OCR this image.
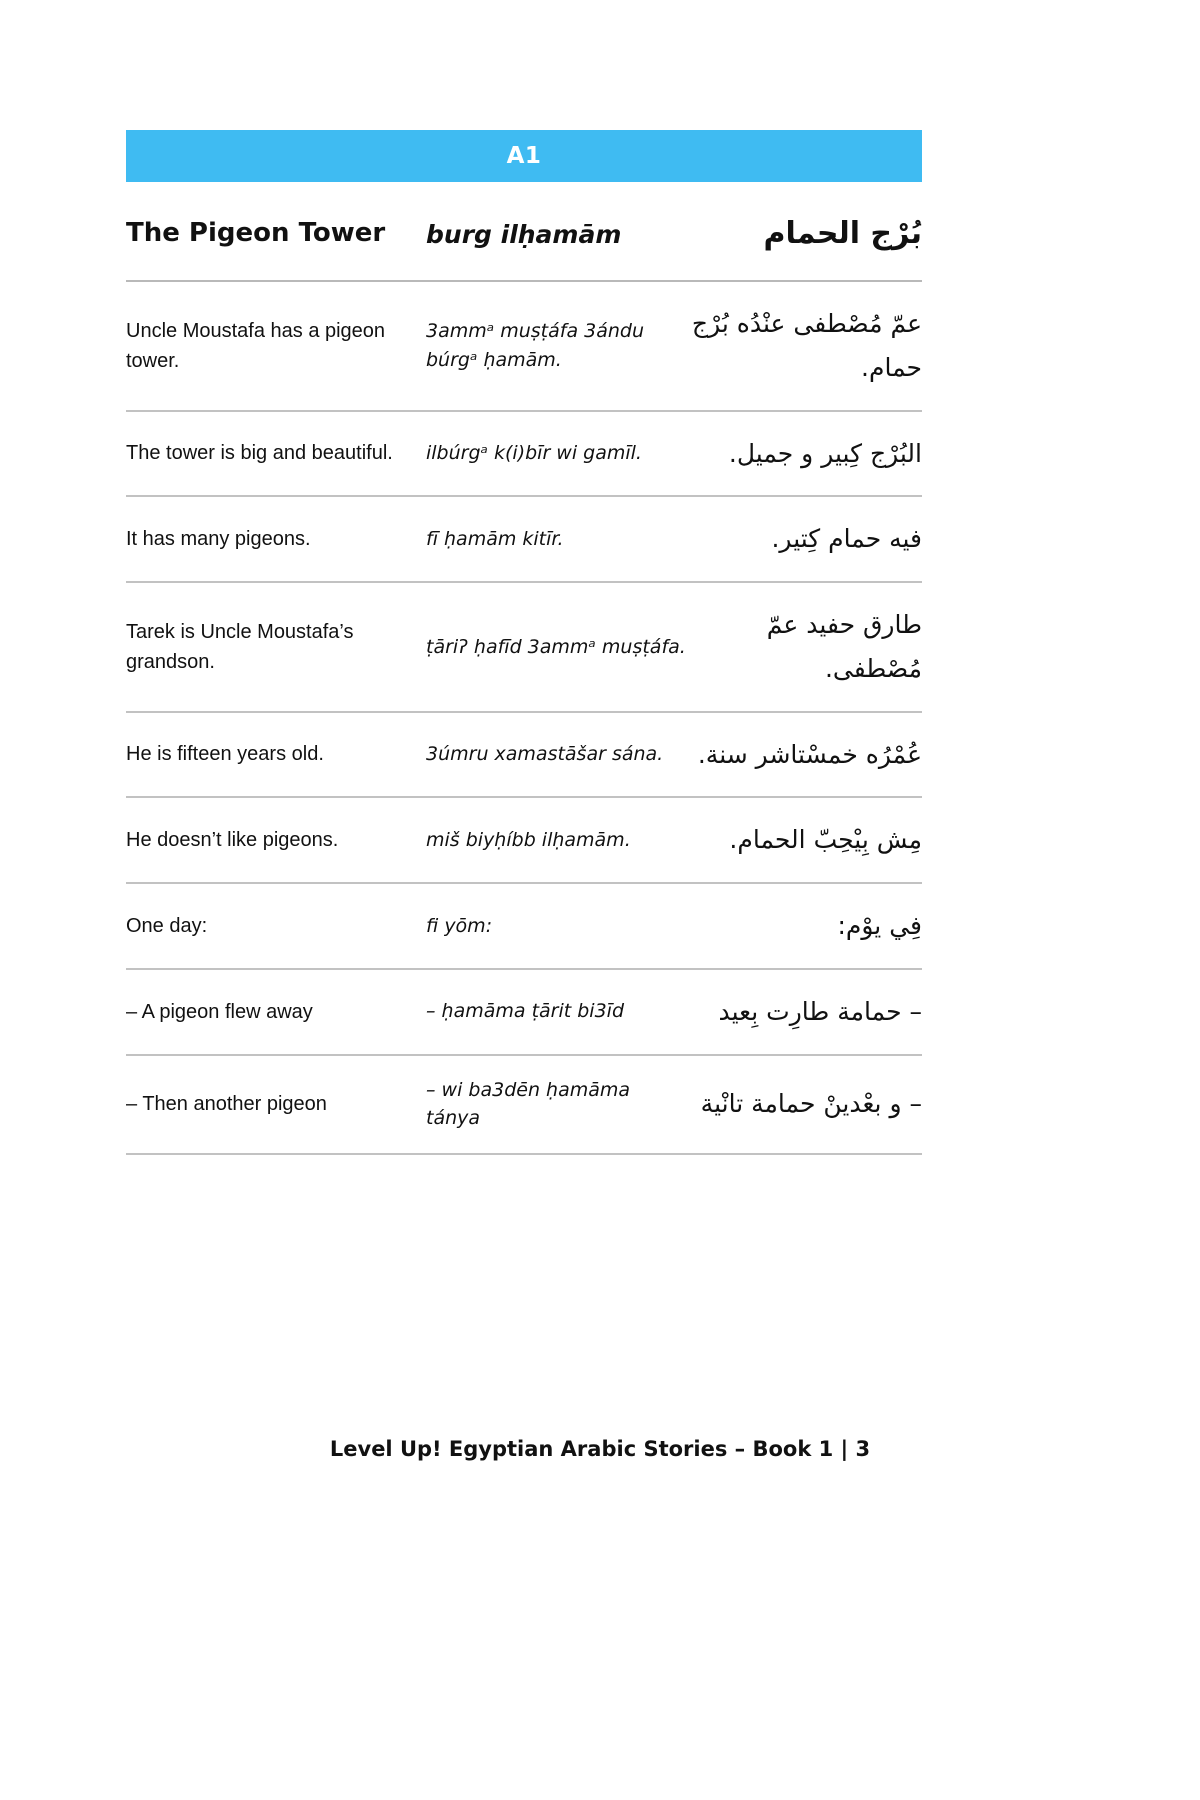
A1
The Pigeon Tower	burg ilḥamām	برج الحمام
Uncle Moustafa has a pigeon tower.	3ammᵃ muṣṭáfa 3ándu búrgᵃ ḥamām.	عم مصطفى عنده برج حمام.
The tower is big and beautiful.	ilbúrgᵃ k(i)bīr wi gamīl.	البرج كبير و جميل.
It has many pigeons.	fī ḥamām kitīr.	فيه حمام كتير.
Tarek is Uncle Moustafa’s grandson.	ṭāriʔ ḥafīd 3ammᵃ muṣṭáfa.	طارق حفيد عم مصطفى.
He is fifteen years old.	3úmru xamastāšar sána.	عمره خمستاشر سنة.
He doesn’t like pigeons.	miš biyḥíbb ilḥamām.	مش بيحب الحمام.
One day:	fi yōm:	في يوم:
– A pigeon flew away	– ḥamāma ṭārit bi3īd	– حمامة طارت بعيد
– Then another pigeon	– wi ba3dēn ḥamāma tánya	– و بعدين حمامة تانية
Level Up! Egyptian Arabic Stories – Book 1 | 3
